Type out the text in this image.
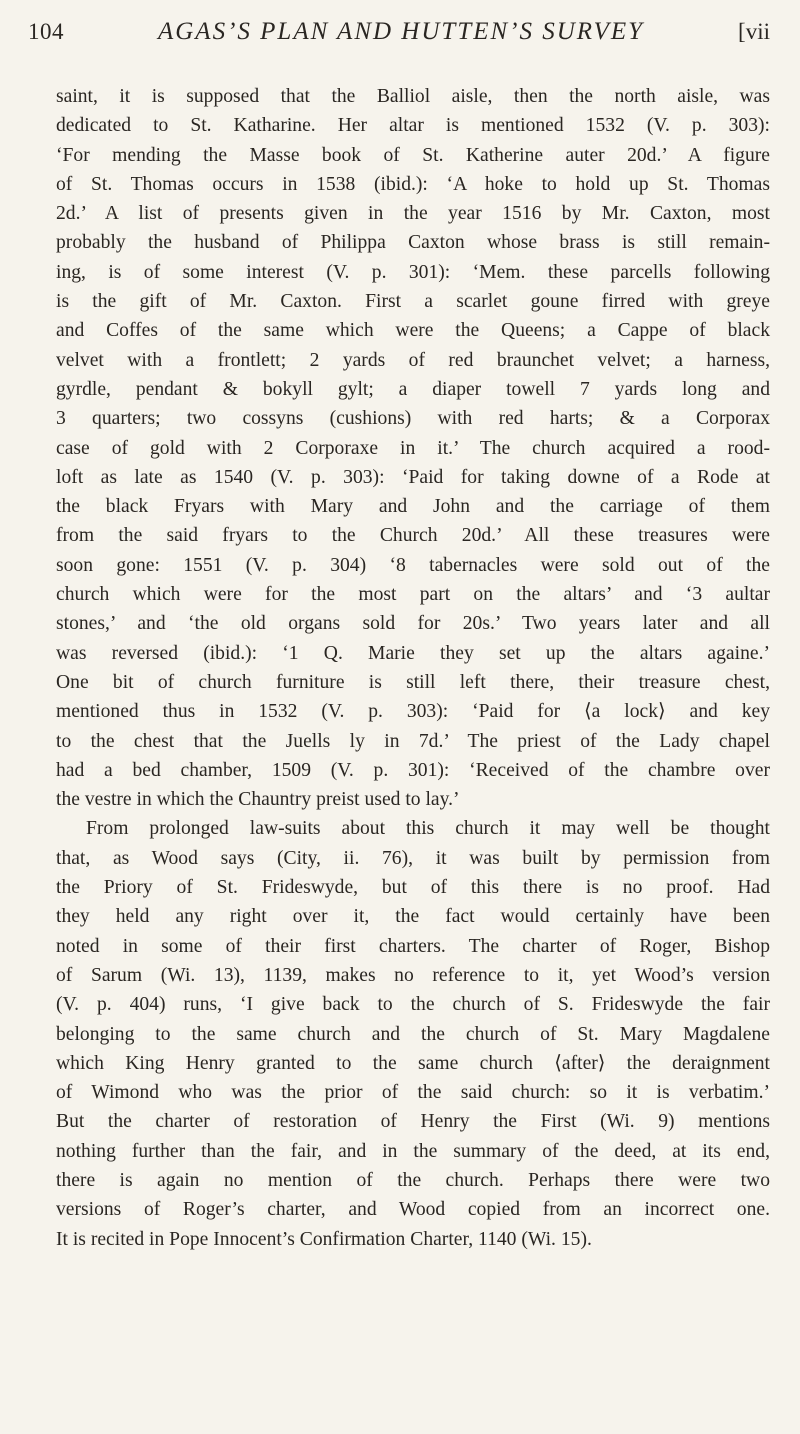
104	AGAS’S PLAN AND HUTTEN’S SURVEY	[vii
saint, it is supposed that the Balliol aisle, then the north aisle, was
dedicated to St. Katharine. Her altar is mentioned 1532 (V. p. 303):
‘For mending the Masse book of St. Katherine auter 20d.’ A figure
of St. Thomas occurs in 1538 (ibid.): ‘A hoke to hold up St. Thomas
2d.’ A list of presents given in the year 1516 by Mr. Caxton, most
probably the husband of Philippa Caxton whose brass is still remain-
ing, is of some interest (V. p. 301): ‘Mem. these parcells following
is the gift of Mr. Caxton. First a scarlet goune firred with greye
and Coffes of the same which were the Queens; a Cappe of black
velvet with a frontlett; 2 yards of red braunchet velvet; a harness,
gyrdle, pendant & bokyll gylt; a diaper towell 7 yards long and
3 quarters; two cossyns (cushions) with red harts; & a Corporax
case of gold with 2 Corporaxe in it.’ The church acquired a rood-
loft as late as 1540 (V. p. 303): ‘Paid for taking downe of a Rode at
the black Fryars with Mary and John and the carriage of them
from the said fryars to the Church 20d.’ All these treasures were
soon gone: 1551 (V. p. 304) ‘8 tabernacles were sold out of the
church which were for the most part on the altars’ and ‘3 aultar
stones,’ and ‘the old organs sold for 20s.’ Two years later and all
was reversed (ibid.): ‘1 Q. Marie they set up the altars againe.’
One bit of church furniture is still left there, their treasure chest,
mentioned thus in 1532 (V. p. 303): ‘Paid for ⟨a lock⟩ and key
to the chest that the Juells ly in 7d.’ The priest of the Lady chapel
had a bed chamber, 1509 (V. p. 301): ‘Received of the chambre over
the vestre in which the Chauntry preist used to lay.’
From prolonged law-suits about this church it may well be thought
that, as Wood says (City, ii. 76), it was built by permission from
the Priory of St. Frideswyde, but of this there is no proof. Had
they held any right over it, the fact would certainly have been
noted in some of their first charters. The charter of Roger, Bishop
of Sarum (Wi. 13), 1139, makes no reference to it, yet Wood’s version
(V. p. 404) runs, ‘I give back to the church of S. Frideswyde the fair
belonging to the same church and the church of St. Mary Magdalene
which King Henry granted to the same church ⟨after⟩ the deraignment
of Wimond who was the prior of the said church: so it is verbatim.’
But the charter of restoration of Henry the First (Wi. 9) mentions
nothing further than the fair, and in the summary of the deed, at its end,
there is again no mention of the church. Perhaps there were two
versions of Roger’s charter, and Wood copied from an incorrect one.
It is recited in Pope Innocent’s Confirmation Charter, 1140 (Wi. 15).
